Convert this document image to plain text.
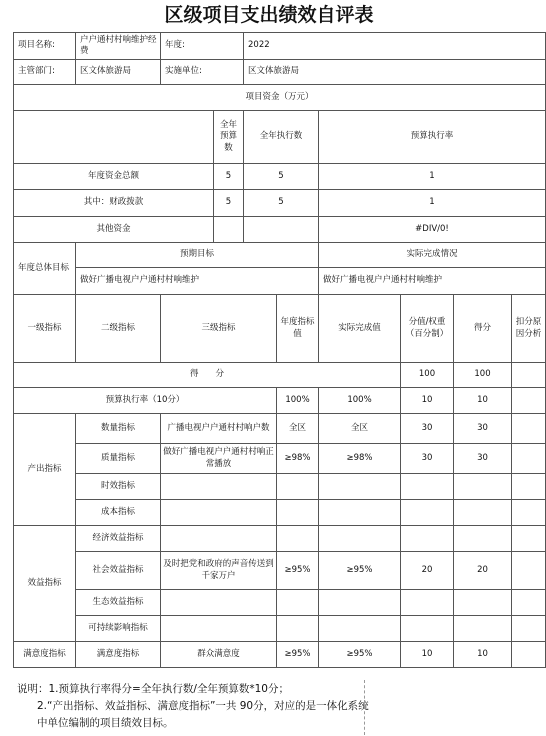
区级项目支出绩效自评表
项目名称:	户户通村村响维护经费	年度:		2022					
主管部门:	区文体旅游局	实施单位:		区文体旅游局					
项目资金（万元）									
			全年预算数	全年执行数		预算执行率			
年度资金总额			5	5		1			
其中：财政拨款			5	5		1			
其他资金						#DIV/0!			
年度总体目标	预期目标					实际完成情况			
	做好广播电视户户通村村响维护					做好广播电视户户通村村响维护			
一级指标	二级指标	三级指标			年度指标值	实际完成值	分值/权重（百分制）	得分	扣分原因分析
得　　分							100	100	
预算执行率（10分）					100%	100%	10	10	
产出指标	数量指标	广播电视户户通村村响户数			全区	全区	30	30	
	质量指标	做好广播电视户户通村村响正常播放			≥98%	≥98%	30	30	
	时效指标								
	成本指标								
效益指标	经济效益指标								
	社会效益指标	及时把党和政府的声音传送到千家万户			≥95%	≥95%	20	20	
	生态效益指标								
	可持续影响指标								
满意度指标	满意度指标	群众满意度			≥95%	≥95%	10	10	

说明：1.预算执行率得分=全年执行数/全年预算数*10分；

2.“产出指标、效益指标、满意度指标”一共 90分，对应的是一体化系统中单位编制的项目绩效目标。
